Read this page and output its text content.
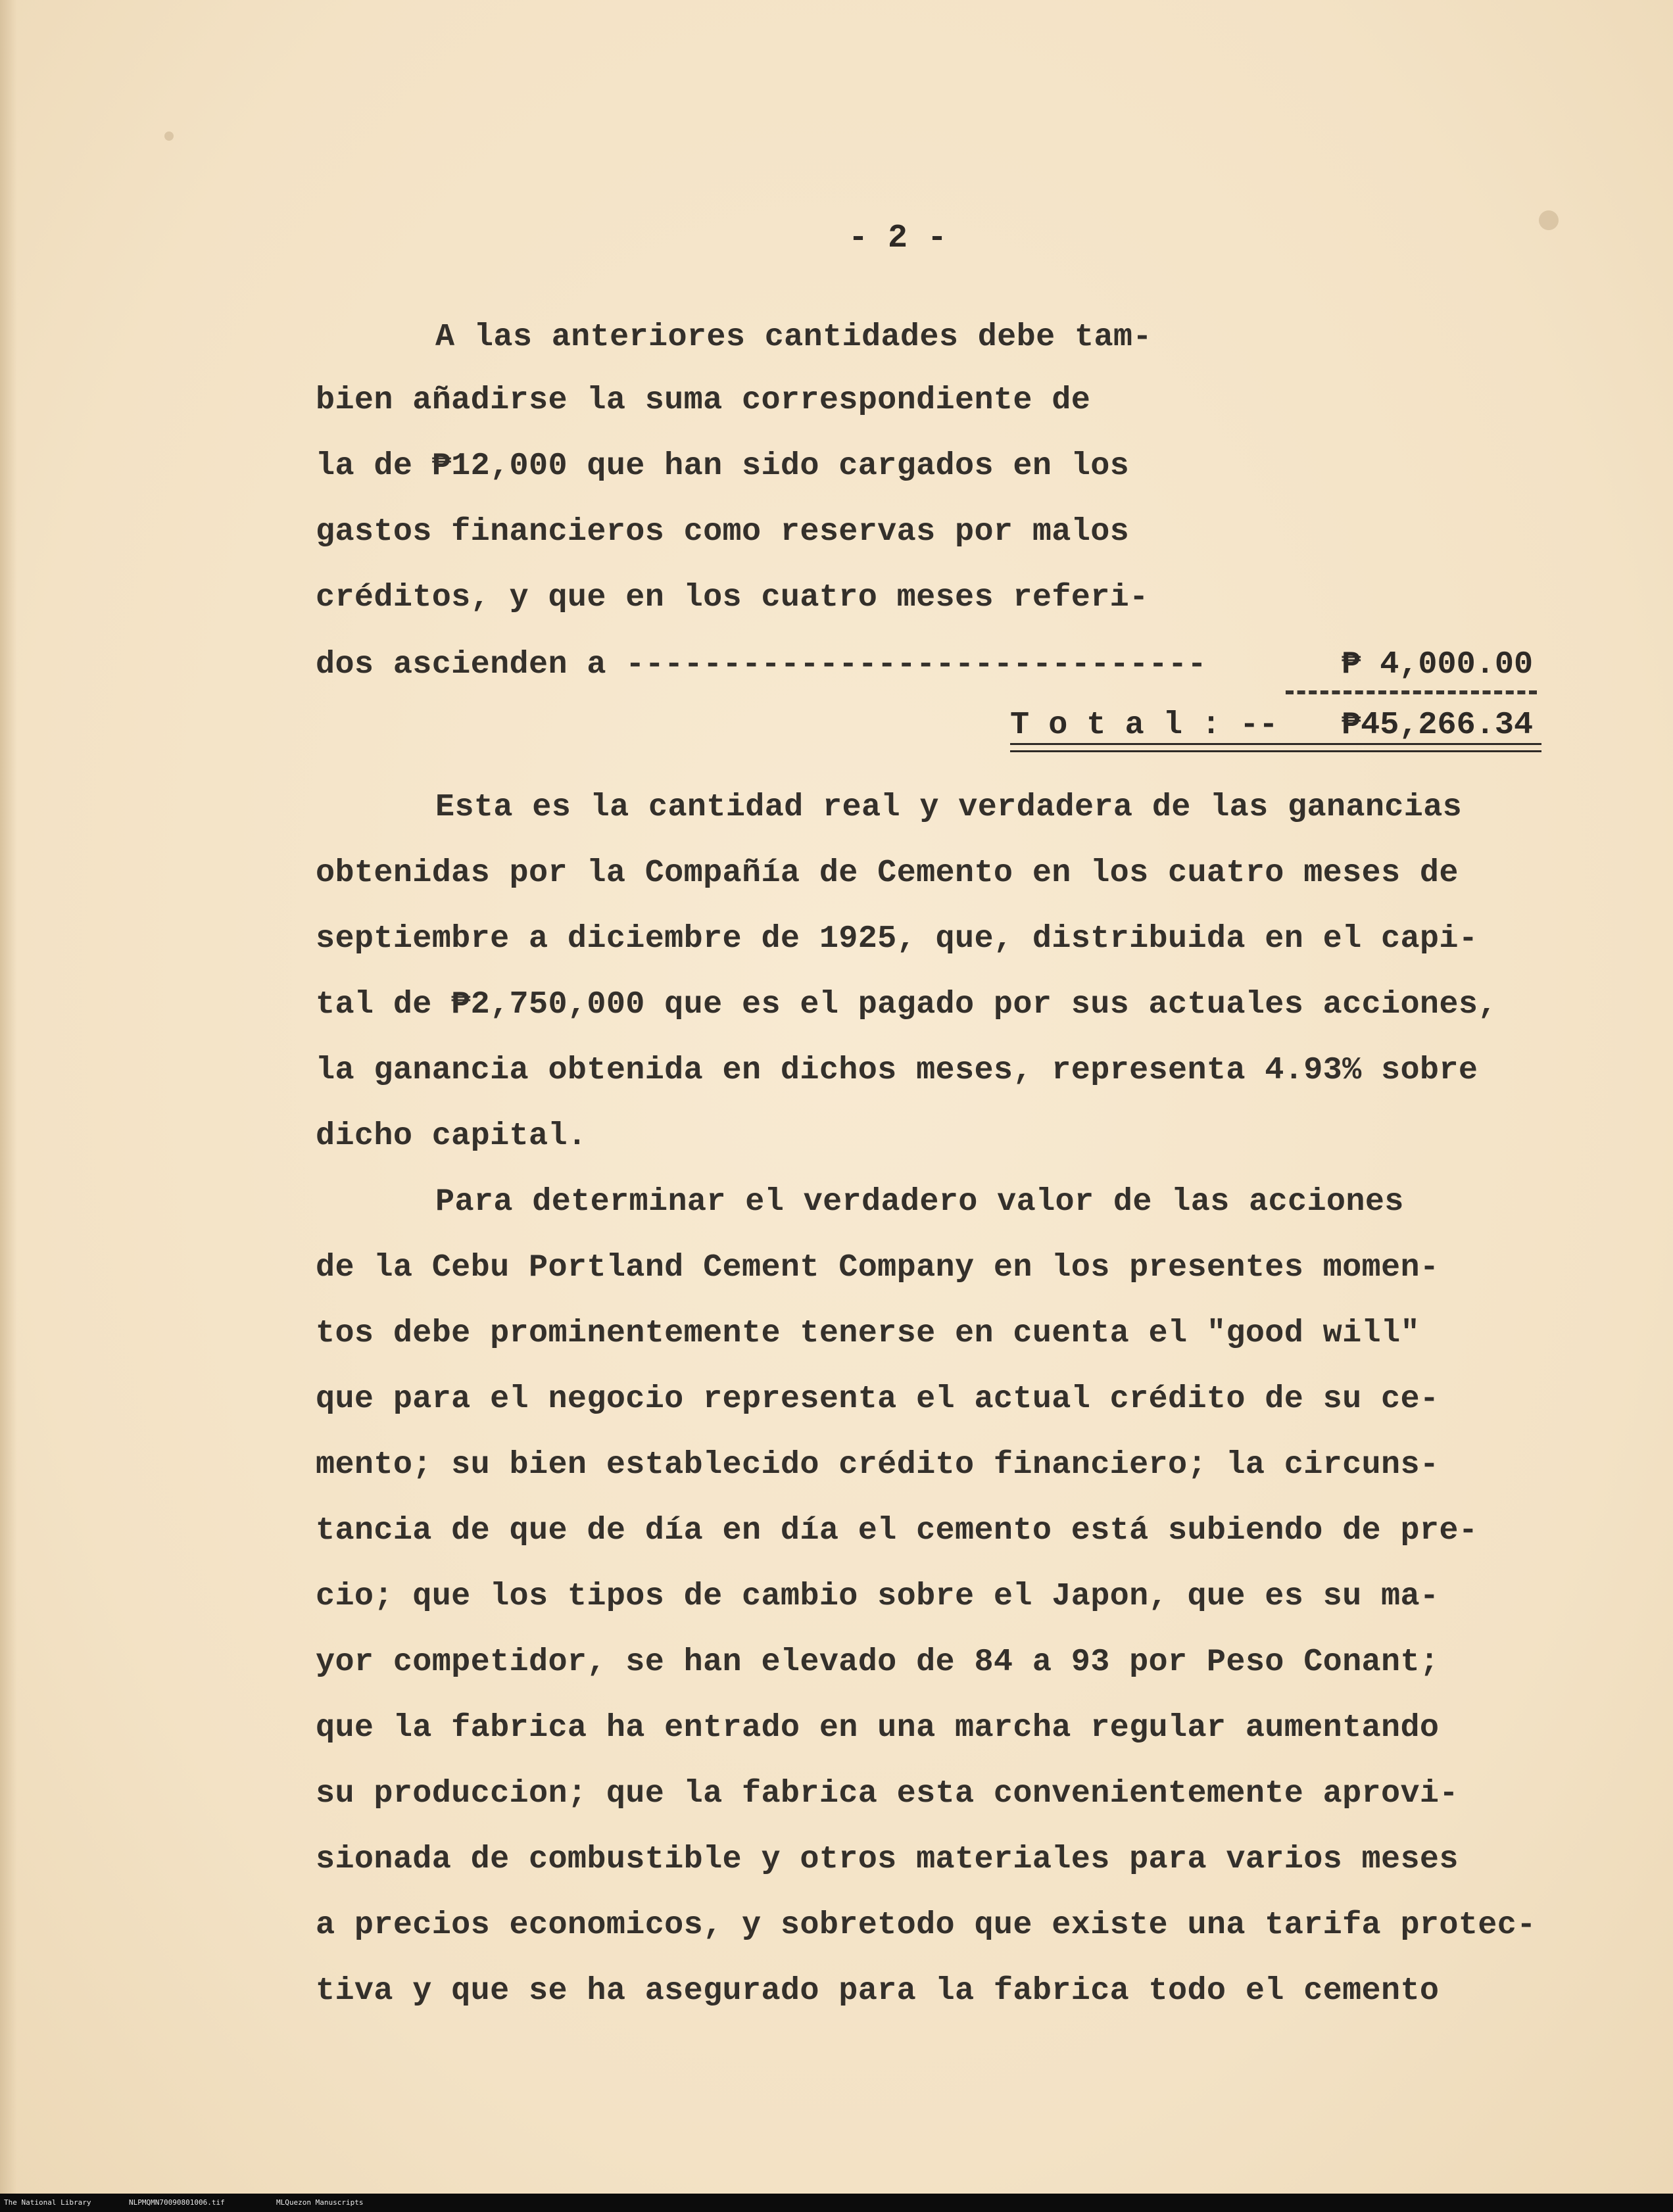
- 2 -
A las anteriores cantidades debe tam-
bien añadirse la suma correspondiente de
la de ₱12,000 que han sido cargados en los
gastos financieros como reservas por malos
créditos, y que en los cuatro meses referi-
dos ascienden a ------------------------------	₱ 4,000.00
T o t a l : -- ₱45,266.34
Esta es la cantidad real y verdadera de las ganancias
obtenidas por la Compañía de Cemento en los cuatro meses de
septiembre a diciembre de 1925, que, distribuida en el capi-
tal de ₱2,750,000 que es el pagado por sus actuales acciones,
la ganancia obtenida en dichos meses, representa 4.93% sobre
dicho capital.
Para determinar el verdadero valor de las acciones
de la Cebu Portland Cement Company en los presentes momen-
tos debe prominentemente tenerse en cuenta el "good will"
que para el negocio representa el actual crédito de su ce-
mento; su bien establecido crédito financiero; la circuns-
tancia de que de día en día el cemento está subiendo de pre-
cio; que los tipos de cambio sobre el Japon, que es su ma-
yor competidor, se han elevado de 84 a 93 por Peso Conant;
que la fabrica ha entrado en una marcha regular aumentando
su produccion; que la fabrica esta convenientemente aprovi-
sionada de combustible y otros materiales para varios meses
a precios economicos, y sobretodo que existe una tarifa protec-
tiva y que se ha asegurado para la fabrica todo el cemento
The National Library	NLPMQMN70090801006.tif	MLQuezon Manuscripts
